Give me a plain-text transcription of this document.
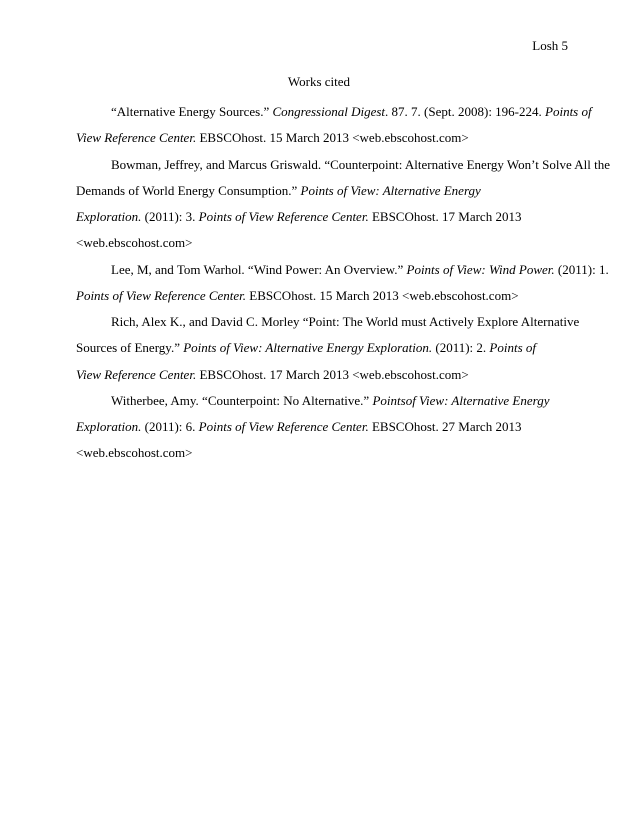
Losh 5
Works cited

“Alternative Energy Sources.” Congressional Digest. 87. 7. (Sept. 2008): 196-224. Points of
View Reference Center. EBSCOhost. 15 March 2013 <web.ebscohost.com>

Bowman, Jeffrey, and Marcus Griswald. “Counterpoint: Alternative Energy Won’t Solve All the
Demands of World Energy Consumption.” Points of View: Alternative Energy
Exploration. (2011): 3. Points of View Reference Center. EBSCOhost. 17 March 2013
<web.ebscohost.com>

Lee, M, and Tom Warhol. “Wind Power: An Overview.” Points of View: Wind Power. (2011): 1.
Points of View Reference Center. EBSCOhost. 15 March 2013 <web.ebscohost.com>

Rich, Alex K., and David C. Morley “Point: The World must Actively Explore Alternative
Sources of Energy.” Points of View: Alternative Energy Exploration. (2011): 2. Points of
View Reference Center. EBSCOhost. 17 March 2013 <web.ebscohost.com>

Witherbee, Amy. “Counterpoint: No Alternative.” Pointsof View: Alternative Energy
Exploration. (2011): 6. Points of View Reference Center. EBSCOhost. 27 March 2013
<web.ebscohost.com>
